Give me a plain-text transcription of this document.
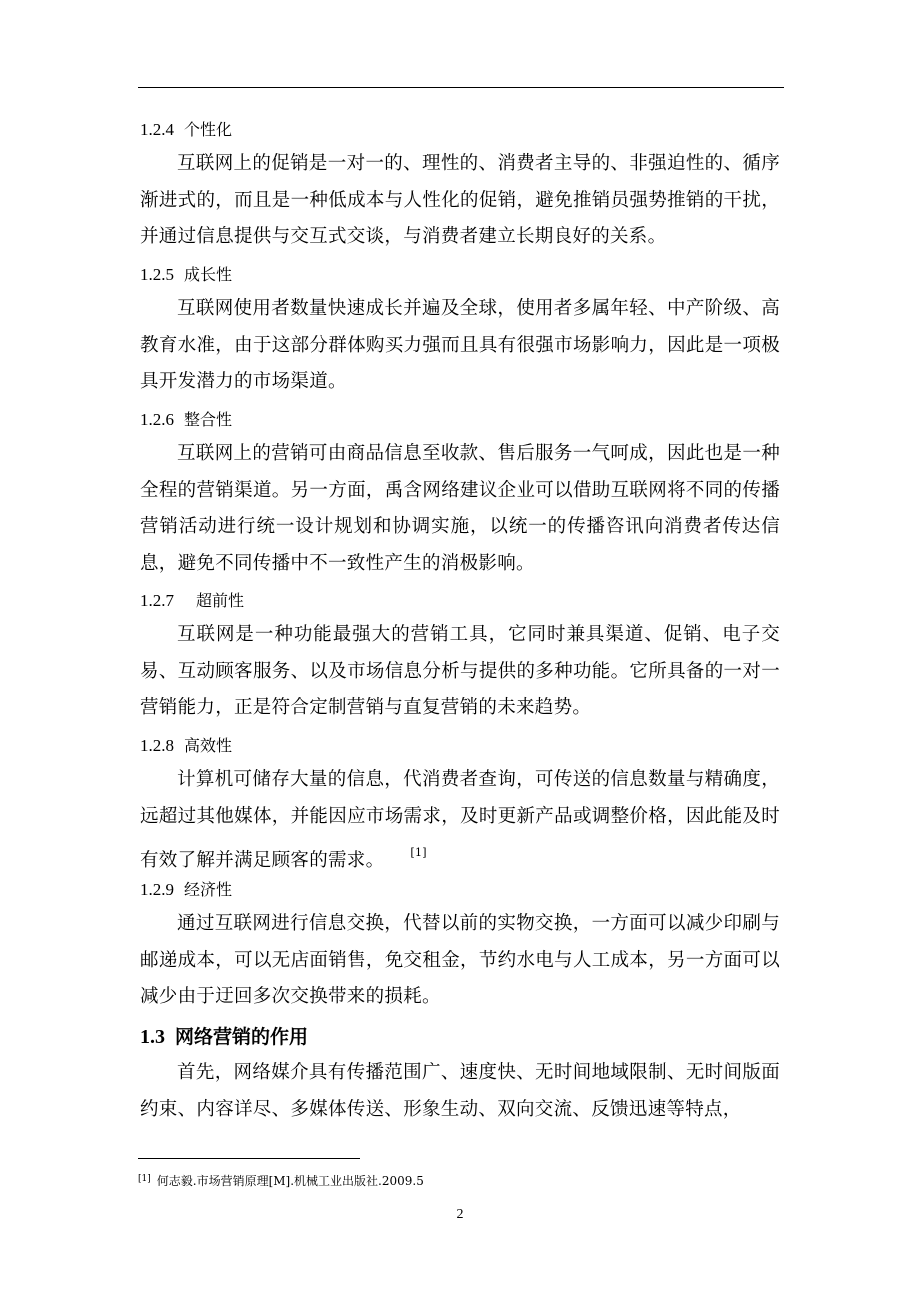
1.2.4 个性化

互联网上的促销是一对一的、理性的、消费者主导的、非强迫性的、循序渐进式的，而且是一种低成本与人性化的促销，避免推销员强势推销的干扰，并通过信息提供与交互式交谈，与消费者建立长期良好的关系。

1.2.5 成长性

互联网使用者数量快速成长并遍及全球，使用者多属年轻、中产阶级、高教育水准，由于这部分群体购买力强而且具有很强市场影响力，因此是一项极具开发潜力的市场渠道。

1.2.6 整合性

互联网上的营销可由商品信息至收款、售后服务一气呵成，因此也是一种全程的营销渠道。另一方面，禹含网络建议企业可以借助互联网将不同的传播营销活动进行统一设计规划和协调实施，以统一的传播咨讯向消费者传达信息，避免不同传播中不一致性产生的消极影响。

1.2.7 超前性

互联网是一种功能最强大的营销工具，它同时兼具渠道、促销、电子交易、互动顾客服务、以及市场信息分析与提供的多种功能。它所具备的一对一营销能力，正是符合定制营销与直复营销的未来趋势。

1.2.8 高效性

计算机可储存大量的信息，代消费者查询，可传送的信息数量与精确度，远超过其他媒体，并能因应市场需求，及时更新产品或调整价格，因此能及时有效了解并满足顾客的需求。 [1]

1.2.9 经济性

通过互联网进行信息交换，代替以前的实物交换，一方面可以减少印刷与邮递成本，可以无店面销售，免交租金，节约水电与人工成本，另一方面可以减少由于迂回多次交换带来的损耗。

1.3 网络营销的作用

首先，网络媒介具有传播范围广、速度快、无时间地域限制、无时间版面约束、内容详尽、多媒体传送、形象生动、双向交流、反馈迅速等特点，

[1] 何志毅.市场营销原理[M].机械工业出版社.2009.5
2
